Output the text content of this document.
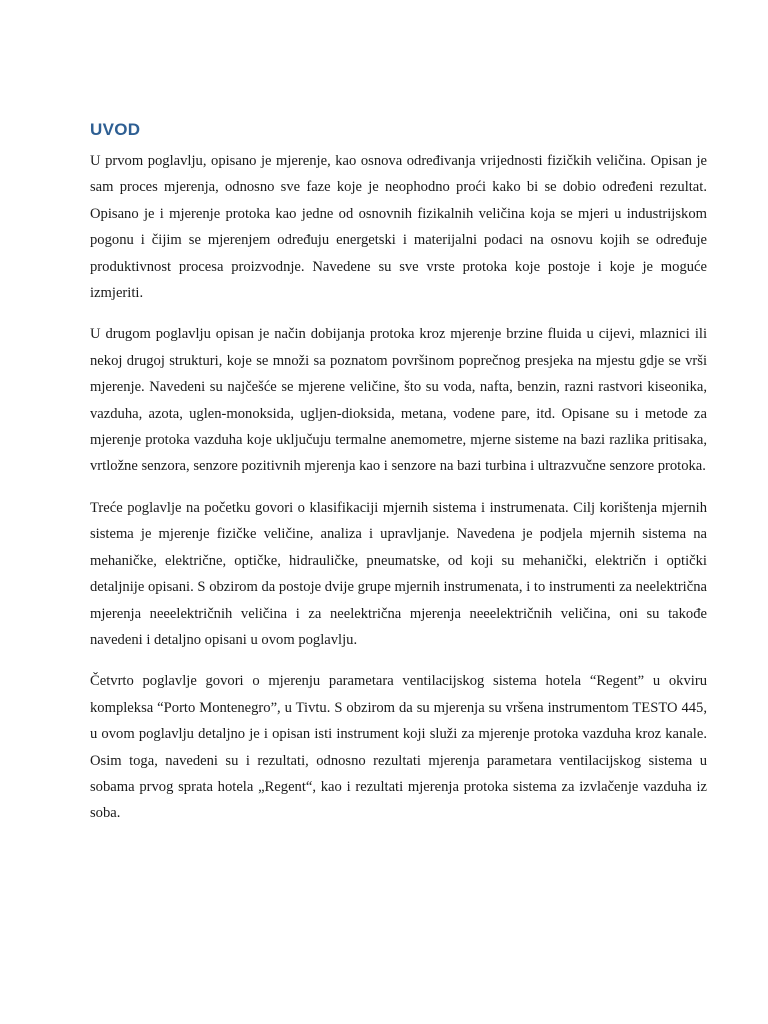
UVOD

U prvom poglavlju, opisano je mjerenje, kao osnova određivanja vrijednosti fizičkih veličina. Opisan je sam proces mjerenja, odnosno sve faze koje je neophodno proći kako bi se dobio određeni rezultat. Opisano je i mjerenje protoka kao jedne od osnovnih fizikalnih veličina koja se mjeri u industrijskom pogonu i čijim se mjerenjem određuju energetski i materijalni podaci na osnovu kojih se određuje produktivnost procesa proizvodnje. Navedene su sve vrste protoka koje postoje i koje je moguće izmjeriti.

U drugom poglavlju opisan je način dobijanja protoka kroz mjerenje brzine fluida u cijevi, mlaznici ili nekoj drugoj strukturi, koje se množi sa poznatom površinom poprečnog presjeka na mjestu gdje se vrši mjerenje. Navedeni su najčešće se mjerene veličine, što su voda, nafta, benzin, razni rastvori kiseonika, vazduha, azota, uglen-monoksida, ugljen-dioksida, metana, vodene pare, itd. Opisane su i metode za mjerenje protoka vazduha koje uključuju termalne anemometre, mjerne sisteme na bazi razlika pritisaka, vrtložne senzora, senzore pozitivnih mjerenja kao i senzore na bazi turbina i ultrazvučne senzore protoka.

Treće poglavlje na početku govori o klasifikaciji mjernih sistema i instrumenata. Cilj korištenja mjernih sistema je mjerenje fizičke veličine, analiza i upravljanje. Navedena je podjela mjernih sistema na mehaničke, električne, optičke, hidrauličke, pneumatske, od koji su mehanički, električn i optički detaljnije opisani. S obzirom da postoje dvije grupe mjernih instrumenata, i to instrumenti za neelektrična mjerenja neeelektričnih veličina i za neelektrična mjerenja neeelektričnih veličina, oni su takođe navedeni i detaljno opisani u ovom poglavlju.

Četvrto poglavlje govori o mjerenju parametara ventilacijskog sistema hotela “Regent” u okviru kompleksa “Porto Montenegro”, u Tivtu. S obzirom da su mjerenja su vršena instrumentom TESTO 445, u ovom poglavlju detaljno je i opisan isti instrument koji služi za mjerenje protoka vazduha kroz kanale. Osim toga, navedeni su i rezultati, odnosno rezultati mjerenja parametara ventilacijskog sistema u sobama prvog sprata hotela „Regent“, kao i rezultati mjerenja protoka sistema za izvlačenje vazduha iz soba.
